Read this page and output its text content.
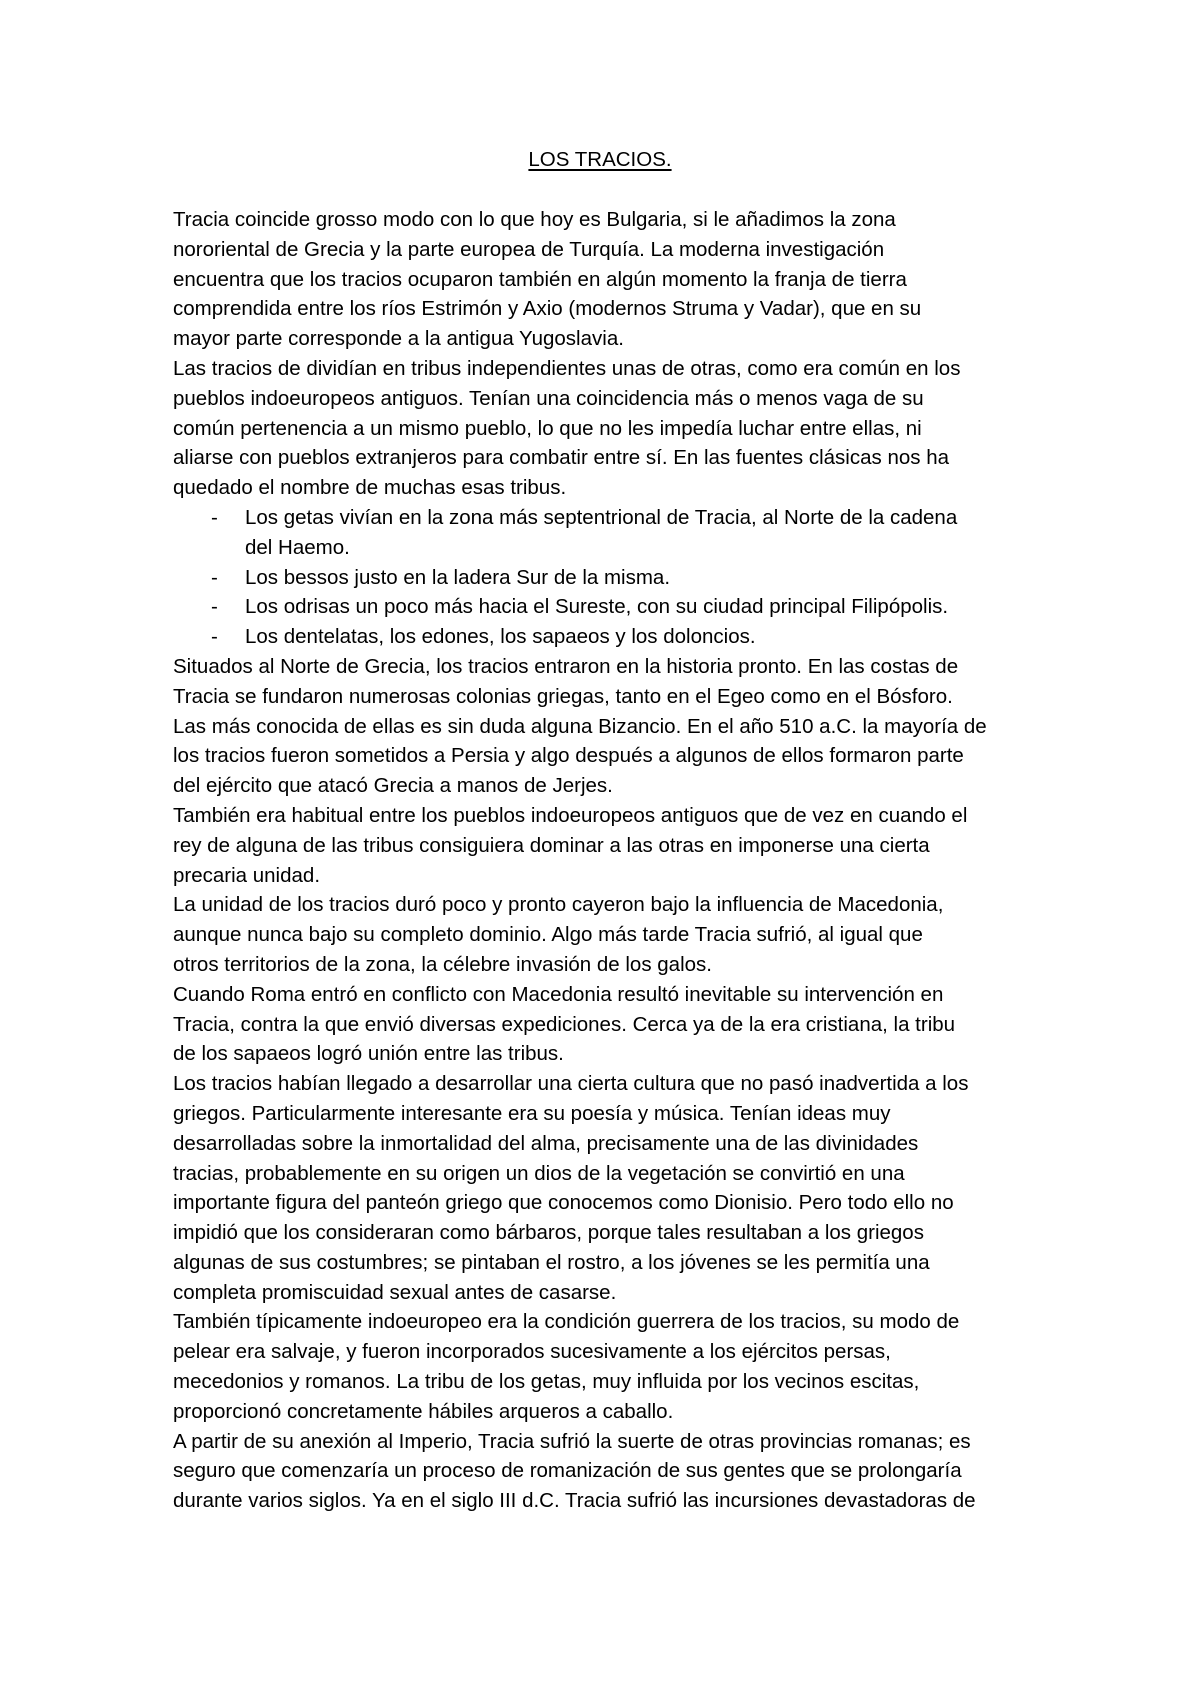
LOS TRACIOS.
Tracia coincide grosso modo con lo que hoy es Bulgaria, si le añadimos la zona
nororiental de Grecia y la parte europea de Turquía. La moderna investigación
encuentra que los tracios ocuparon también en algún momento la franja de tierra
comprendida entre los ríos Estrimón y Axio (modernos Struma y Vadar), que en su
mayor parte corresponde a la antigua Yugoslavia.
Las tracios de dividían en tribus independientes unas de otras, como era común en los
pueblos indoeuropeos antiguos. Tenían una coincidencia más o menos vaga de su
común pertenencia a un mismo pueblo, lo que no les impedía luchar entre ellas, ni
aliarse con pueblos extranjeros para combatir entre sí. En las fuentes clásicas nos ha
quedado el nombre de muchas esas tribus.
- Los getas vivían en la zona más septentrional de Tracia, al Norte de la cadena
del Haemo.
- Los bessos justo en la ladera Sur de la misma.
- Los odrisas un poco más hacia el Sureste, con su ciudad principal Filipópolis.
- Los dentelatas, los edones, los sapaeos y los doloncios.
Situados al Norte de Grecia, los tracios entraron en la historia pronto. En las costas de
Tracia se fundaron numerosas colonias griegas, tanto en el Egeo como en el Bósforo.
Las más conocida de ellas es sin duda alguna Bizancio. En el año 510 a.C. la mayoría de
los tracios fueron sometidos a Persia y algo después a algunos de ellos formaron parte
del ejército que atacó Grecia a manos de Jerjes.
También era habitual entre los pueblos indoeuropeos antiguos que de vez en cuando el
rey de alguna de las tribus consiguiera dominar a las otras en imponerse una cierta
precaria unidad.
La unidad de los tracios duró poco y pronto cayeron bajo la influencia de Macedonia,
aunque nunca bajo su completo dominio. Algo más tarde Tracia sufrió, al igual que
otros territorios de la zona, la célebre invasión de los galos.
Cuando Roma entró en conflicto con Macedonia resultó inevitable su intervención en
Tracia, contra la que envió diversas expediciones. Cerca ya de la era cristiana, la tribu
de los sapaeos logró unión entre las tribus.
Los tracios habían llegado a desarrollar una cierta cultura que no pasó inadvertida a los
griegos. Particularmente interesante era su poesía y música. Tenían ideas muy
desarrolladas sobre la inmortalidad del alma, precisamente una de las divinidades
tracias, probablemente en su origen un dios de la vegetación se convirtió en una
importante figura del panteón griego que conocemos como Dionisio. Pero todo ello no
impidió que los consideraran como bárbaros, porque tales resultaban a los griegos
algunas de sus costumbres; se pintaban el rostro, a los jóvenes se les permitía una
completa promiscuidad sexual antes de casarse.
También típicamente indoeuropeo era la condición guerrera de los tracios, su modo de
pelear era salvaje, y fueron incorporados sucesivamente a los ejércitos persas,
mecedonios y romanos. La tribu de los getas, muy influida por los vecinos escitas,
proporcionó concretamente hábiles arqueros a caballo.
A partir de su anexión al Imperio, Tracia sufrió la suerte de otras provincias romanas; es
seguro que comenzaría un proceso de romanización de sus gentes que se prolongaría
durante varios siglos. Ya en el siglo III d.C. Tracia sufrió las incursiones devastadoras de
